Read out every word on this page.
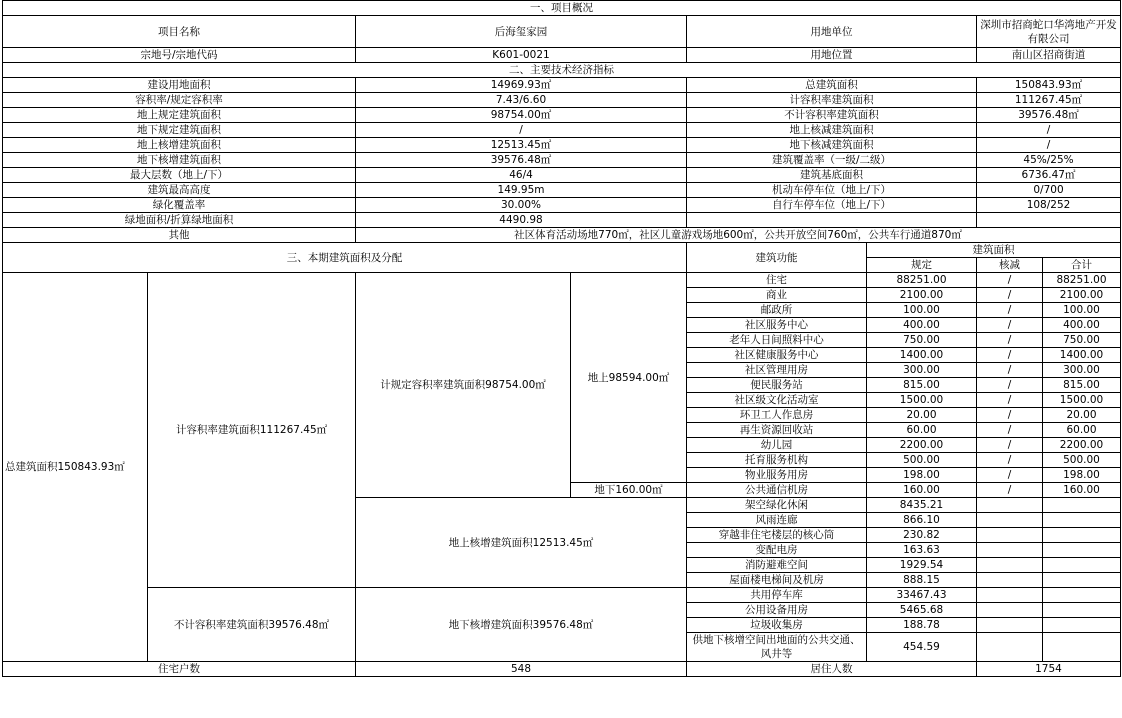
一、项目概况							
项目名称		后海玺家园		用地单位		深圳市招商蛇口华湾地产开发有限公司	
宗地号/宗地代码		K601-0021		用地位置		南山区招商街道	
二、主要技术经济指标							
建设用地面积		14969.93㎡		总建筑面积		150843.93㎡	
容积率/规定容积率		7.43/6.60		计容积率建筑面积		111267.45㎡	
地上规定建筑面积		98754.00㎡		不计容积率建筑面积		39576.48㎡	
地下规定建筑面积		/		地上核减建筑面积		/	
地上核增建筑面积		12513.45㎡		地下核减建筑面积		/	
地下核增建筑面积		39576.48㎡		建筑覆盖率（一级/二级）		45%/25%	
最大层数（地上/下）		46/4		建筑基底面积		6736.47㎡	
建筑最高高度		149.95m		机动车停车位（地上/下）		0/700	
绿化覆盖率		30.00%		自行车停车位（地上/下）		108/252	
绿地面积/折算绿地面积		4490.98					
其他		社区体育活动场地770㎡，社区儿童游戏场地600㎡，公共开放空间760㎡，公共车行通道870㎡					
三、本期建筑面积及分配				建筑功能	建筑面积		
					规定	核减	合计
总建筑面积150843.93㎡	计容积率建筑面积111267.45㎡	计规定容积率建筑面积98754.00㎡	地上98594.00㎡	住宅	88251.00	/	88251.00
				商业	2100.00	/	2100.00
				邮政所	100.00	/	100.00
				社区服务中心	400.00	/	400.00
				老年人日间照料中心	750.00	/	750.00
				社区健康服务中心	1400.00	/	1400.00
				社区管理用房	300.00	/	300.00
				便民服务站	815.00	/	815.00
				社区级文化活动室	1500.00	/	1500.00
				环卫工人作息房	20.00	/	20.00
				再生资源回收站	60.00	/	60.00
				幼儿园	2200.00	/	2200.00
				托育服务机构	500.00	/	500.00
				物业服务用房	198.00	/	198.00
			地下160.00㎡	公共通信机房	160.00	/	160.00
		地上核增建筑面积12513.45㎡		架空绿化休闲	8435.21		
				风雨连廊	866.10		
				穿越非住宅楼层的核心筒	230.82		
				变配电房	163.63		
				消防避难空间	1929.54		
				屋面楼电梯间及机房	888.15		
	不计容积率建筑面积39576.48㎡	地下核增建筑面积39576.48㎡		共用停车库	33467.43		
				公用设备用房	5465.68		
				垃圾收集房	188.78		
				供地下核增空间出地面的公共交通、风井等	454.59		
住宅户数		548		居住人数		1754	
